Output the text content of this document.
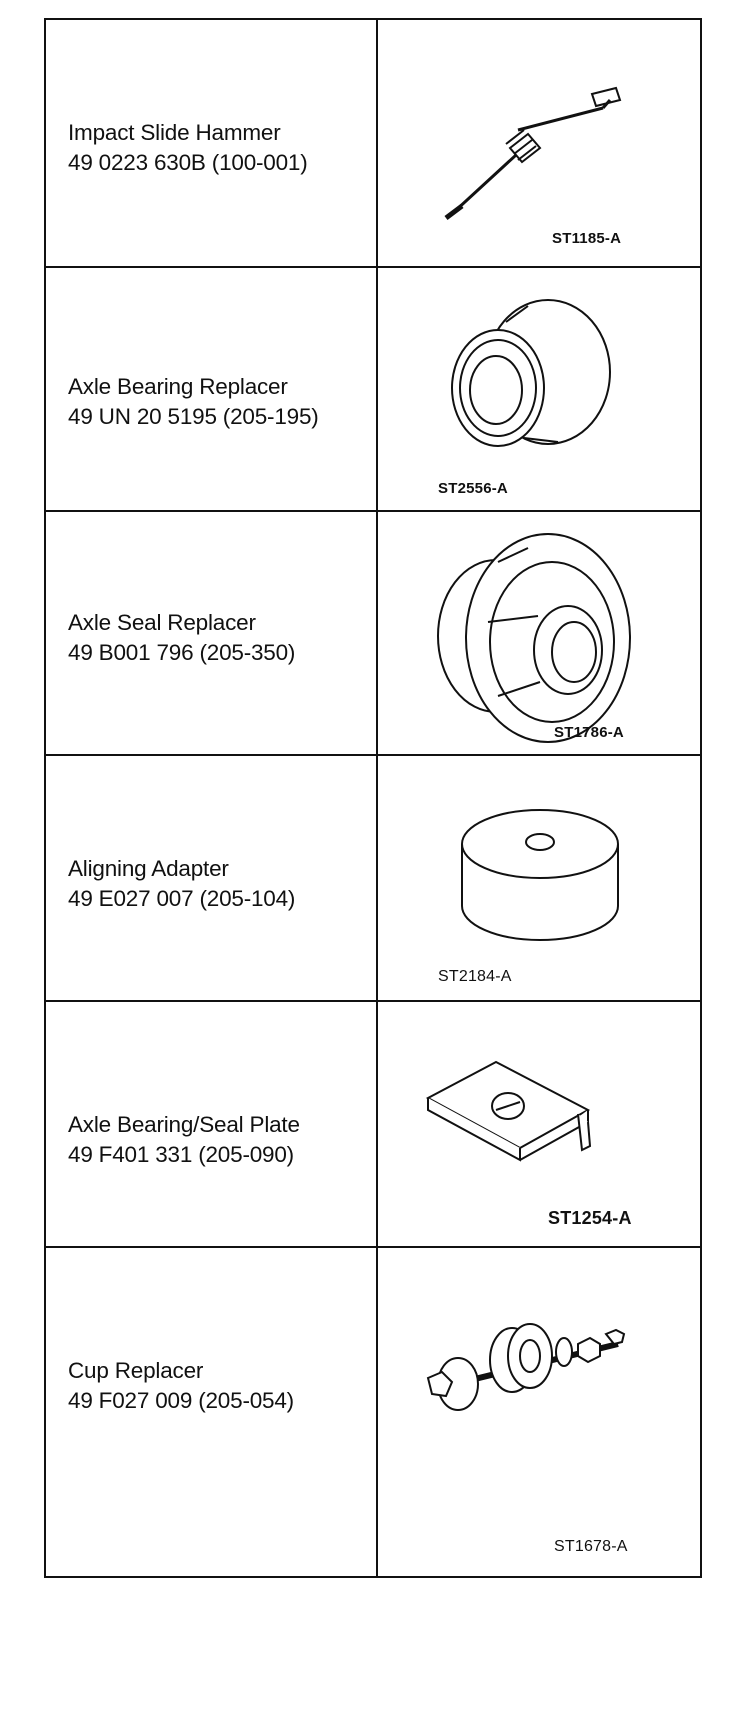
Impact Slide Hammer
49 0223 630B (100-001)
ST1185-A
Axle Bearing Replacer
49 UN 20 5195 (205-195)
ST2556-A
Axle Seal Replacer
49 B001 796 (205-350)
ST1786-A
Aligning Adapter
49 E027 007 (205-104)
ST2184-A
Axle Bearing/Seal Plate
49 F401 331 (205-090)
ST1254-A
Cup Replacer
49 F027 009 (205-054)
ST1678-A
